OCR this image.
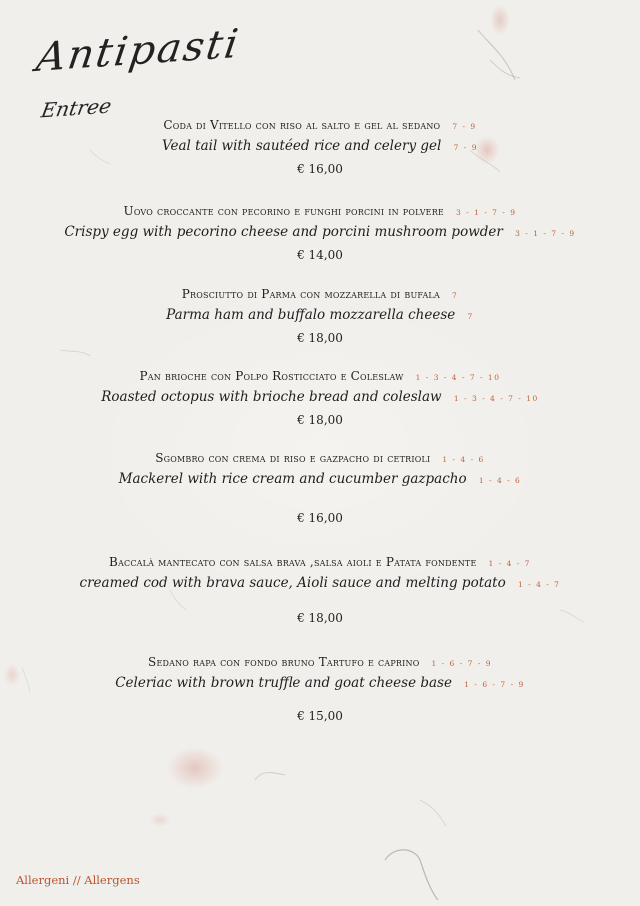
Antipasti
Entree
Coda di Vitello con riso al salto e gel al sedano 7 - 9
Veal tail with sautéed rice and celery gel 7 - 9
€ 16,00
Uovo croccante con pecorino e funghi porcini in polvere 3 - 1 - 7 - 9
Crispy egg with pecorino cheese and porcini mushroom powder 3 - 1 - 7 - 9
€ 14,00
Prosciutto di Parma con mozzarella di bufala 7
Parma ham and buffalo mozzarella cheese 7
€ 18,00
Pan brioche con Polpo Rosticciato e Coleslaw 1 - 3 - 4 - 7 - 10
Roasted octopus with brioche bread and coleslaw 1 - 3 - 4 - 7 - 10
€ 18,00
Sgombro con crema di riso e gazpacho di cetrioli 1 - 4 - 6
Mackerel with rice cream and cucumber gazpacho 1 - 4 - 6
€ 16,00
Baccalà mantecato con salsa brava ,salsa aioli e Patata fondente 1 - 4 - 7
creamed cod with brava sauce, Aioli sauce and melting potato 1 - 4 - 7
€ 18,00
Sedano rapa con fondo bruno Tartufo e caprino 1 - 6 - 7 - 9
Celeriac with brown truffle and goat cheese base 1 - 6 - 7 - 9
€ 15,00
Allergeni // Allergens
